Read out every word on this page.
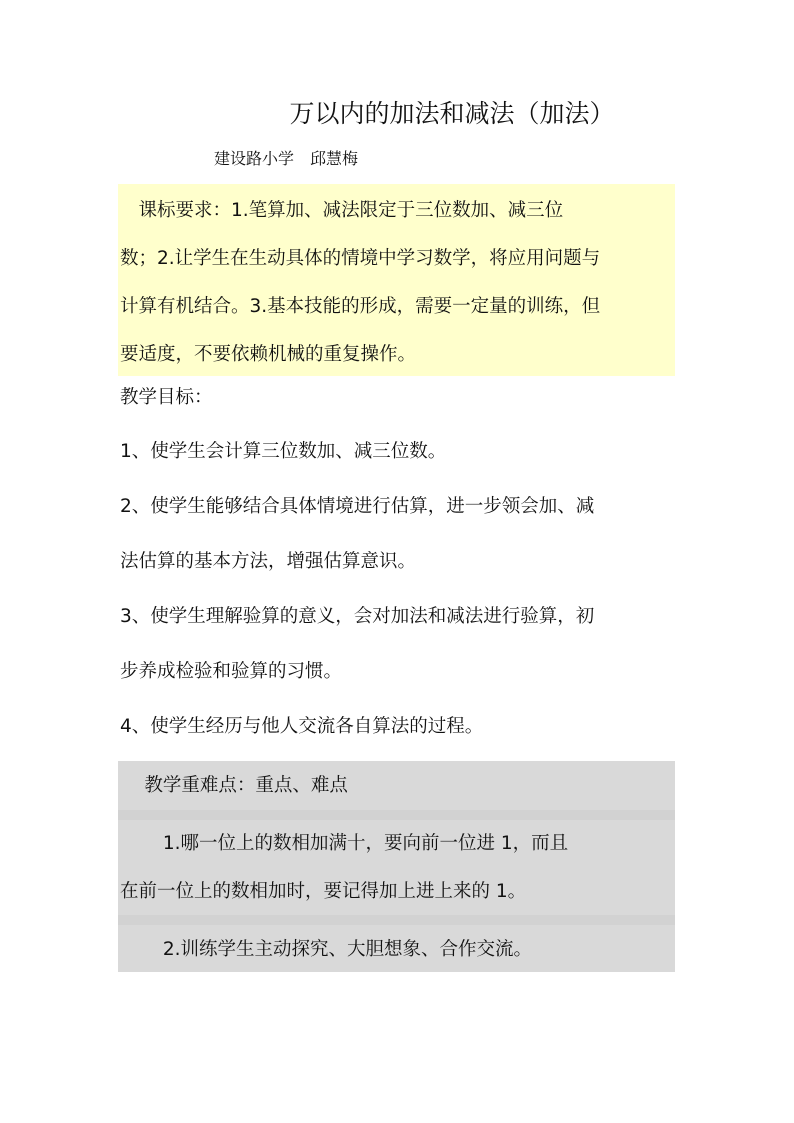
万以内的加法和减法（加法）
建设路小学　邱慧梅
　课标要求：1.笔算加、减法限定于三位数加、减三位
数；2.让学生在生动具体的情境中学习数学，将应用问题与
计算有机结合。3.基本技能的形成，需要一定量的训练，但
要适度，不要依赖机械的重复操作。
教学目标：
1、使学生会计算三位数加、减三位数。
2、使学生能够结合具体情境进行估算，进一步领会加、减
法估算的基本方法，增强估算意识。
3、使学生理解验算的意义，会对加法和减法进行验算，初
步养成检验和验算的习惯。
4、使学生经历与他人交流各自算法的过程。
　 教学重难点：重点、难点
　　 1.哪一位上的数相加满十，要向前一位进 1，而且
在前一位上的数相加时，要记得加上进上来的 1。
　　 2.训练学生主动探究、大胆想象、合作交流。
